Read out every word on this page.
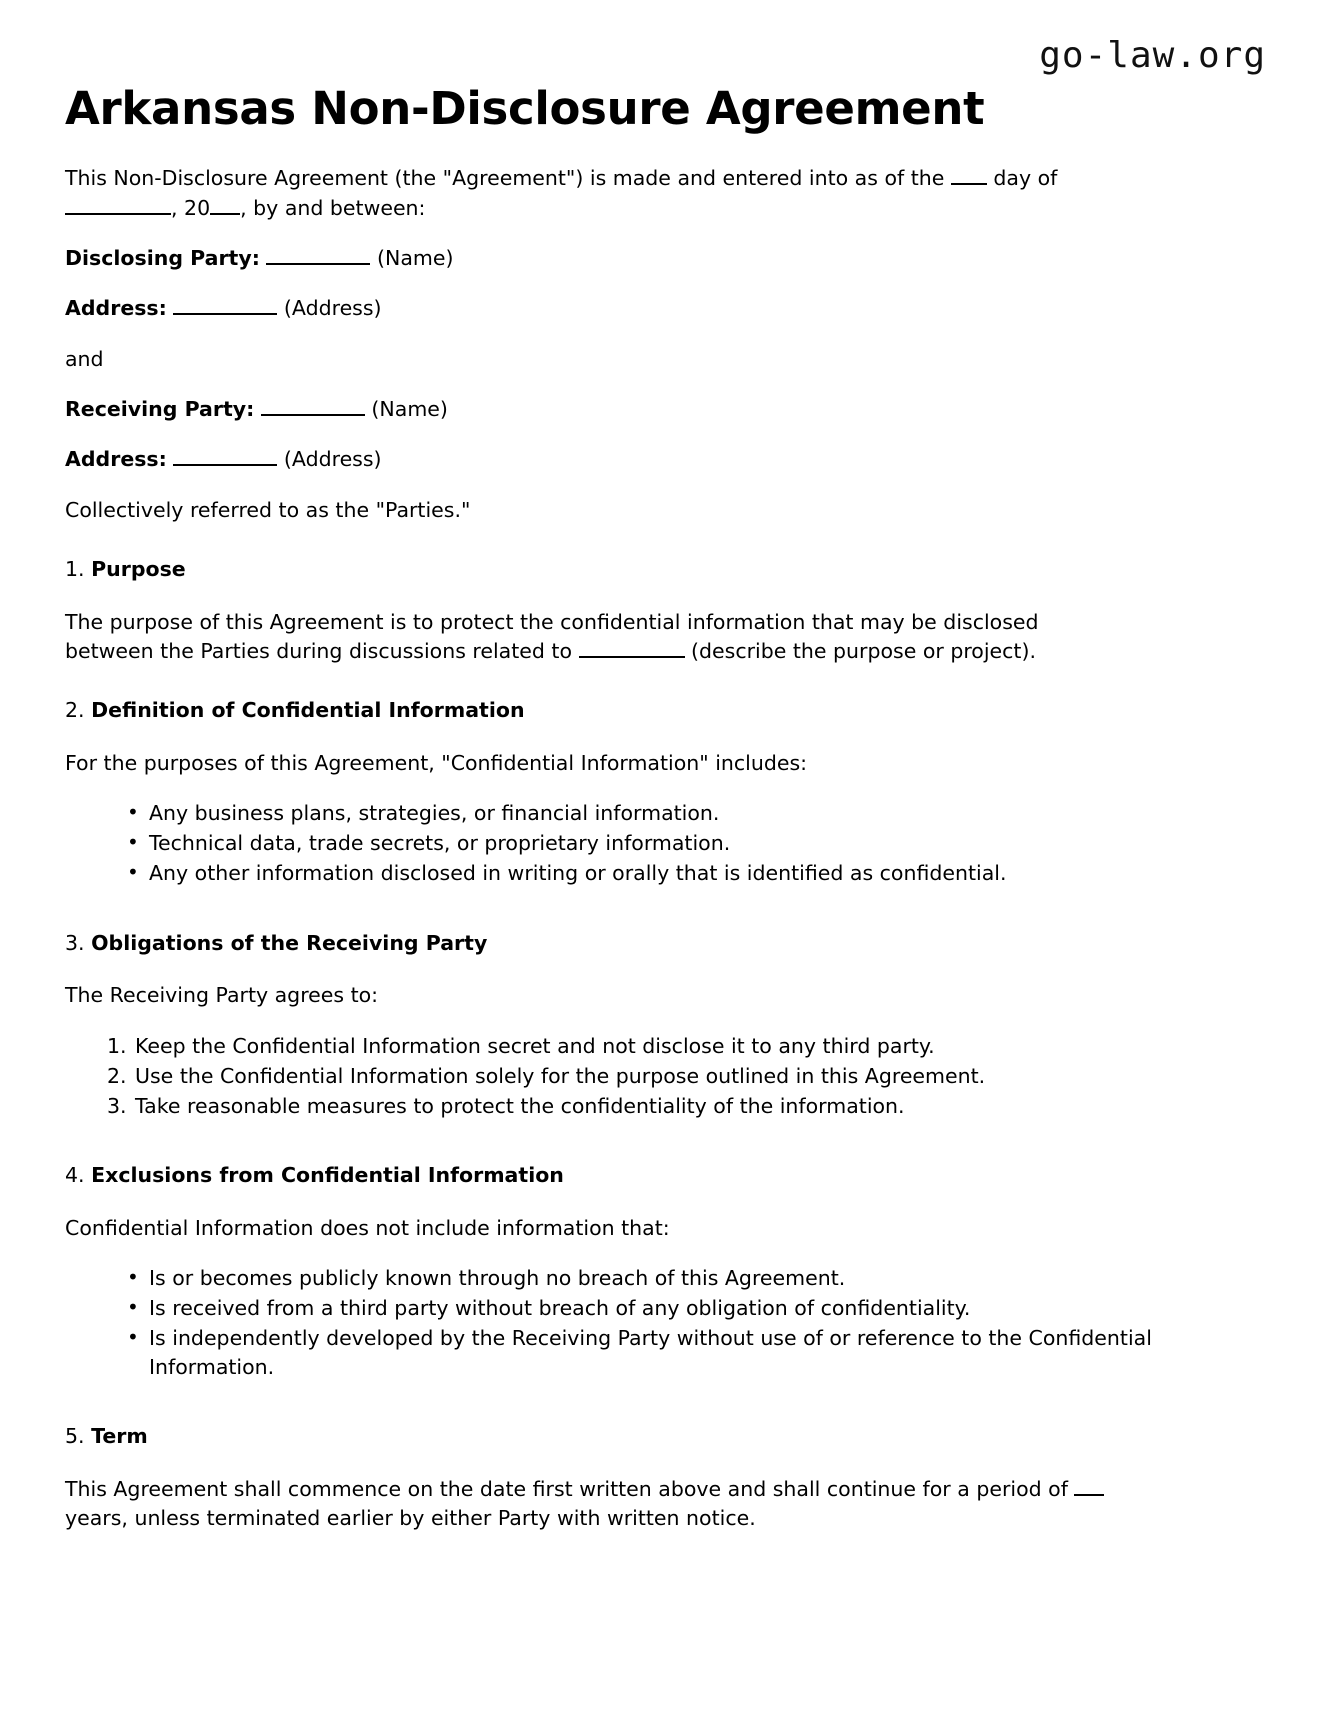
go-law.org
Arkansas Non-Disclosure Agreement

This Non-Disclosure Agreement (the "Agreement") is made and entered into as of the  day of , 20 , by and between:

Disclosing Party:	(Name)

Address:	(Address)

and

Receiving Party:	(Name)

Address:	(Address)

Collectively referred to as the "Parties."

1. Purpose

The purpose of this Agreement is to protect the confidential information that may be disclosed between the Parties during discussions related to	(describe the purpose or project).

2. Definition of Confidential Information

For the purposes of this Agreement, "Confidential Information" includes:

• Any business plans, strategies, or financial information.
• Technical data, trade secrets, or proprietary information.
• Any other information disclosed in writing or orally that is identified as confidential.
3. Obligations of the Receiving Party

The Receiving Party agrees to:

Keep the Confidential Information secret and not disclose it to any third party.
Use the Confidential Information solely for the purpose outlined in this Agreement.
Take reasonable measures to protect the confidentiality of the information.
4. Exclusions from Confidential Information

Confidential Information does not include information that:

• Is or becomes publicly known through no breach of this Agreement.
• Is received from a third party without breach of any obligation of confidentiality.
• Is independently developed by the Receiving Party without use of or reference to the Confidential Information.
5. Term

This Agreement shall commence on the date first written above and shall continue for a period of  years, unless terminated earlier by either Party with written notice.
